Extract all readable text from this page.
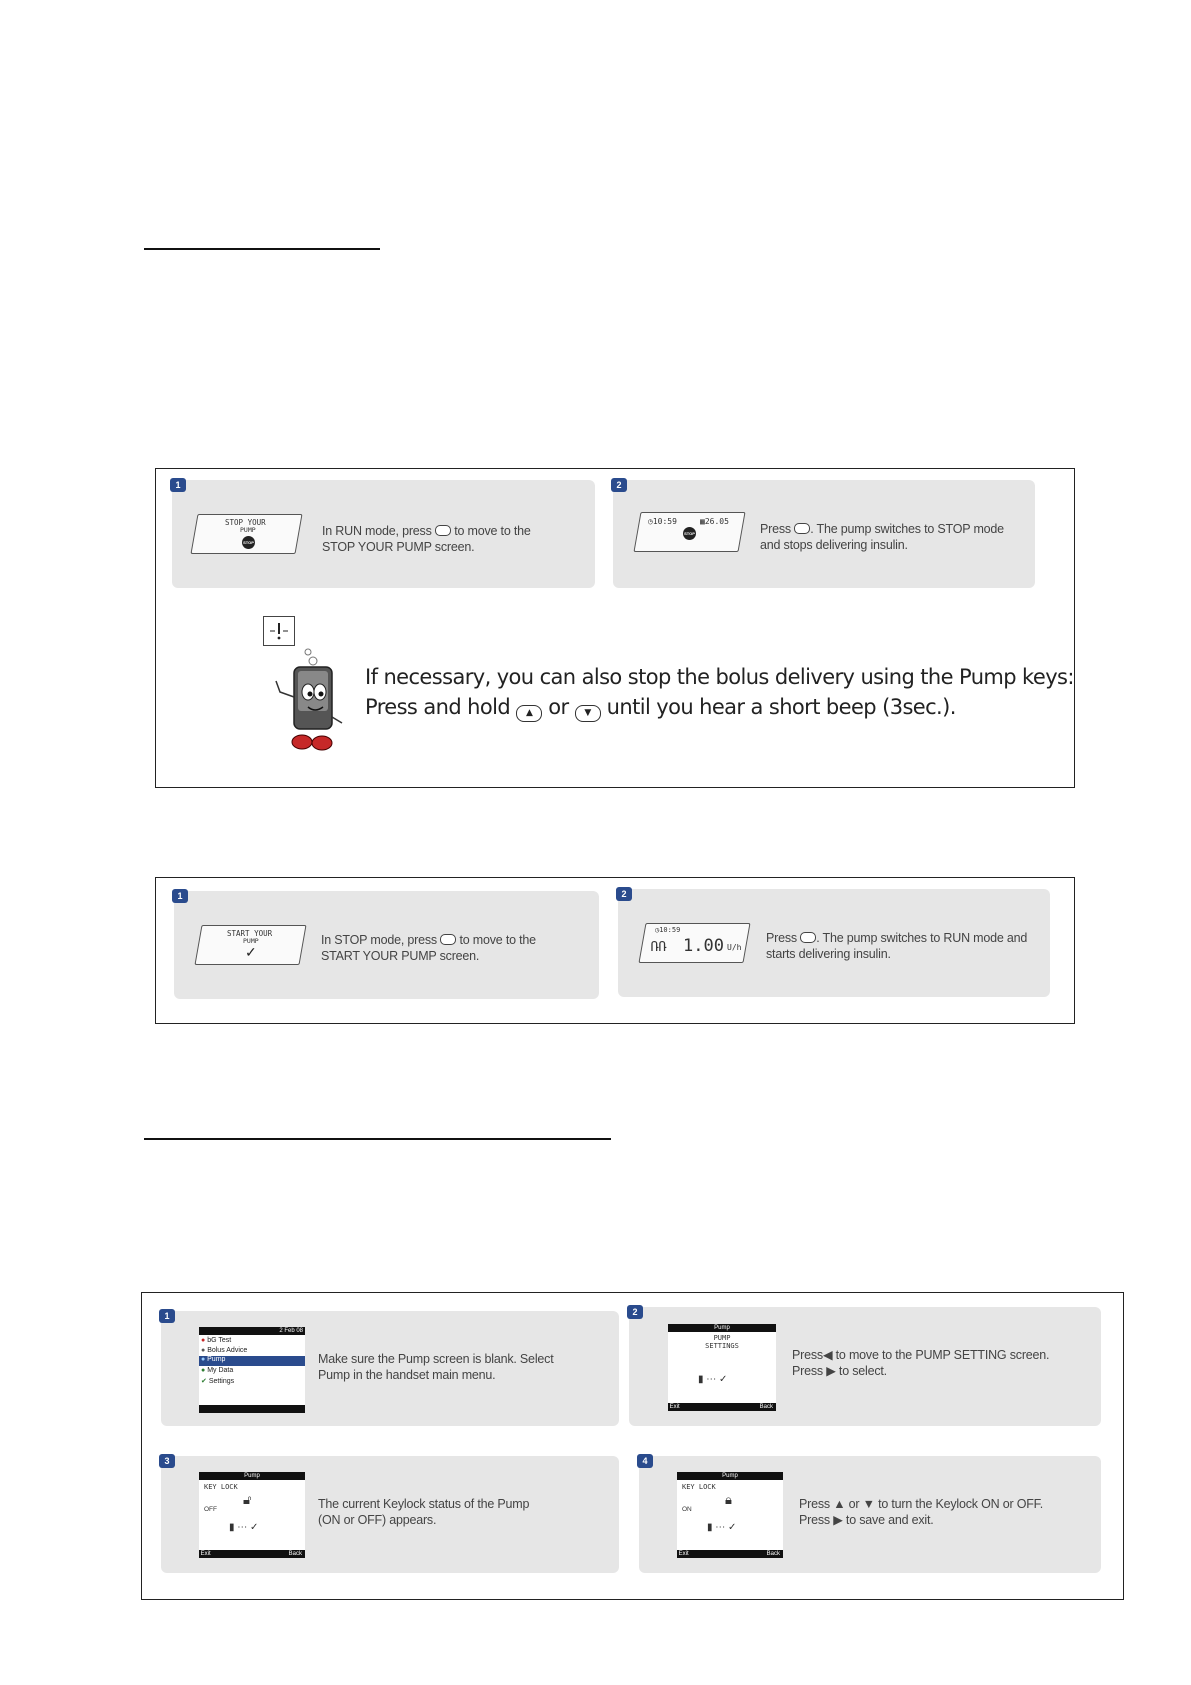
1
STOP YOUR
PUMP
STOP
In RUN mode, press to move to the
STOP YOUR PUMP screen.
2
◷10:59	▦26.05
STOP	Press . The pump switches to STOP mode
and stops delivering insulin.
If necessary, you can also stop the bolus delivery using the Pump keys:
Press and hold ▲ or ▼ until you hear a short beep (3sec.).
1
START YOUR
PUMP
✓
In STOP mode, press to move to the
START YOUR PUMP screen.
2
◷10:59
ՌՌ 1.00 U/h
Press . The pump switches to RUN mode and
starts delivering insulin.
1
2 Feb 08
● bG Test
● Bolus Advice
● Pump
● My Data
✔ Settings
Make sure the Pump screen is blank. Select
Pump in the handset main menu.
2
Pump
PUMP
SETTINGS
▮ ⋯ ✓
Exit	Back
Press◀ to move to the PUMP SETTING screen.
Press ▶ to select.
3
Pump
KEY LOCK
🔓︎
OFF
▮ ⋯ ✓
Exit	Back
The current Keylock status of the Pump
(ON or OFF) appears.
4
Pump
KEY LOCK
🔒︎
ON
▮ ⋯ ✓
Exit	Back
Press ▲ or ▼ to turn the Keylock ON or OFF.
Press ▶ to save and exit.
